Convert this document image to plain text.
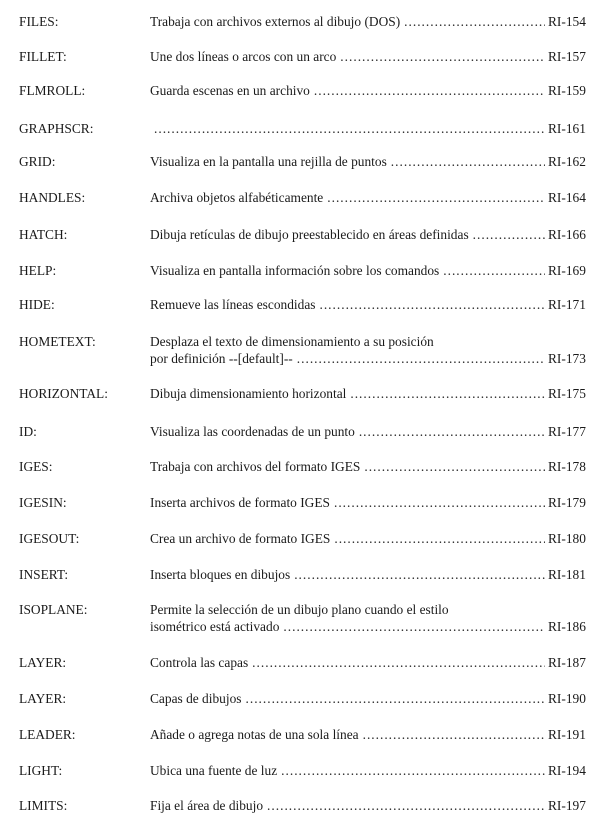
FILES:	Trabaja con archivos externos al dibujo (DOS) .....	RI-154
FILLET:	Une dos líneas o arcos con un arco .....	RI-157
FLMROLL:	Guarda escenas en un archivo .....	RI-159
GRAPHSCR: .....	RI-161
GRID:	Visualiza en la pantalla una rejilla de puntos .....	RI-162
HANDLES:	Archiva objetos alfabéticamente .....	RI-164
HATCH:	Dibuja retículas de dibujo preestablecido en áreas definidas .....	RI-166
HELP:	Visualiza en pantalla información sobre los comandos .....	RI-169
HIDE:	Remueve las líneas escondidas .....	RI-171
HOMETEXT:	Desplaza el texto de dimensionamiento a su posición
por definición --[default]-- .....	RI-173
HORIZONTAL:	Dibuja dimensionamiento horizontal .....	RI-175
ID:	Visualiza las coordenadas de un punto .....	RI-177
IGES:	Trabaja con archivos del formato IGES .....	RI-178
IGESIN:	Inserta archivos de formato IGES .....	RI-179
IGESOUT:	Crea un archivo de formato IGES .....	RI-180
INSERT:	Inserta bloques en dibujos .....	RI-181
ISOPLANE:	Permite la selección de un dibujo plano cuando el estilo
isométrico está activado .....	RI-186
LAYER:	Controla las capas .....	RI-187
LAYER:	Capas de dibujos .....	RI-190
LEADER:	Añade o agrega notas de una sola línea .....	RI-191
LIGHT:	Ubica una fuente de luz .....	RI-194
LIMITS:	Fija el área de dibujo .....	RI-197
